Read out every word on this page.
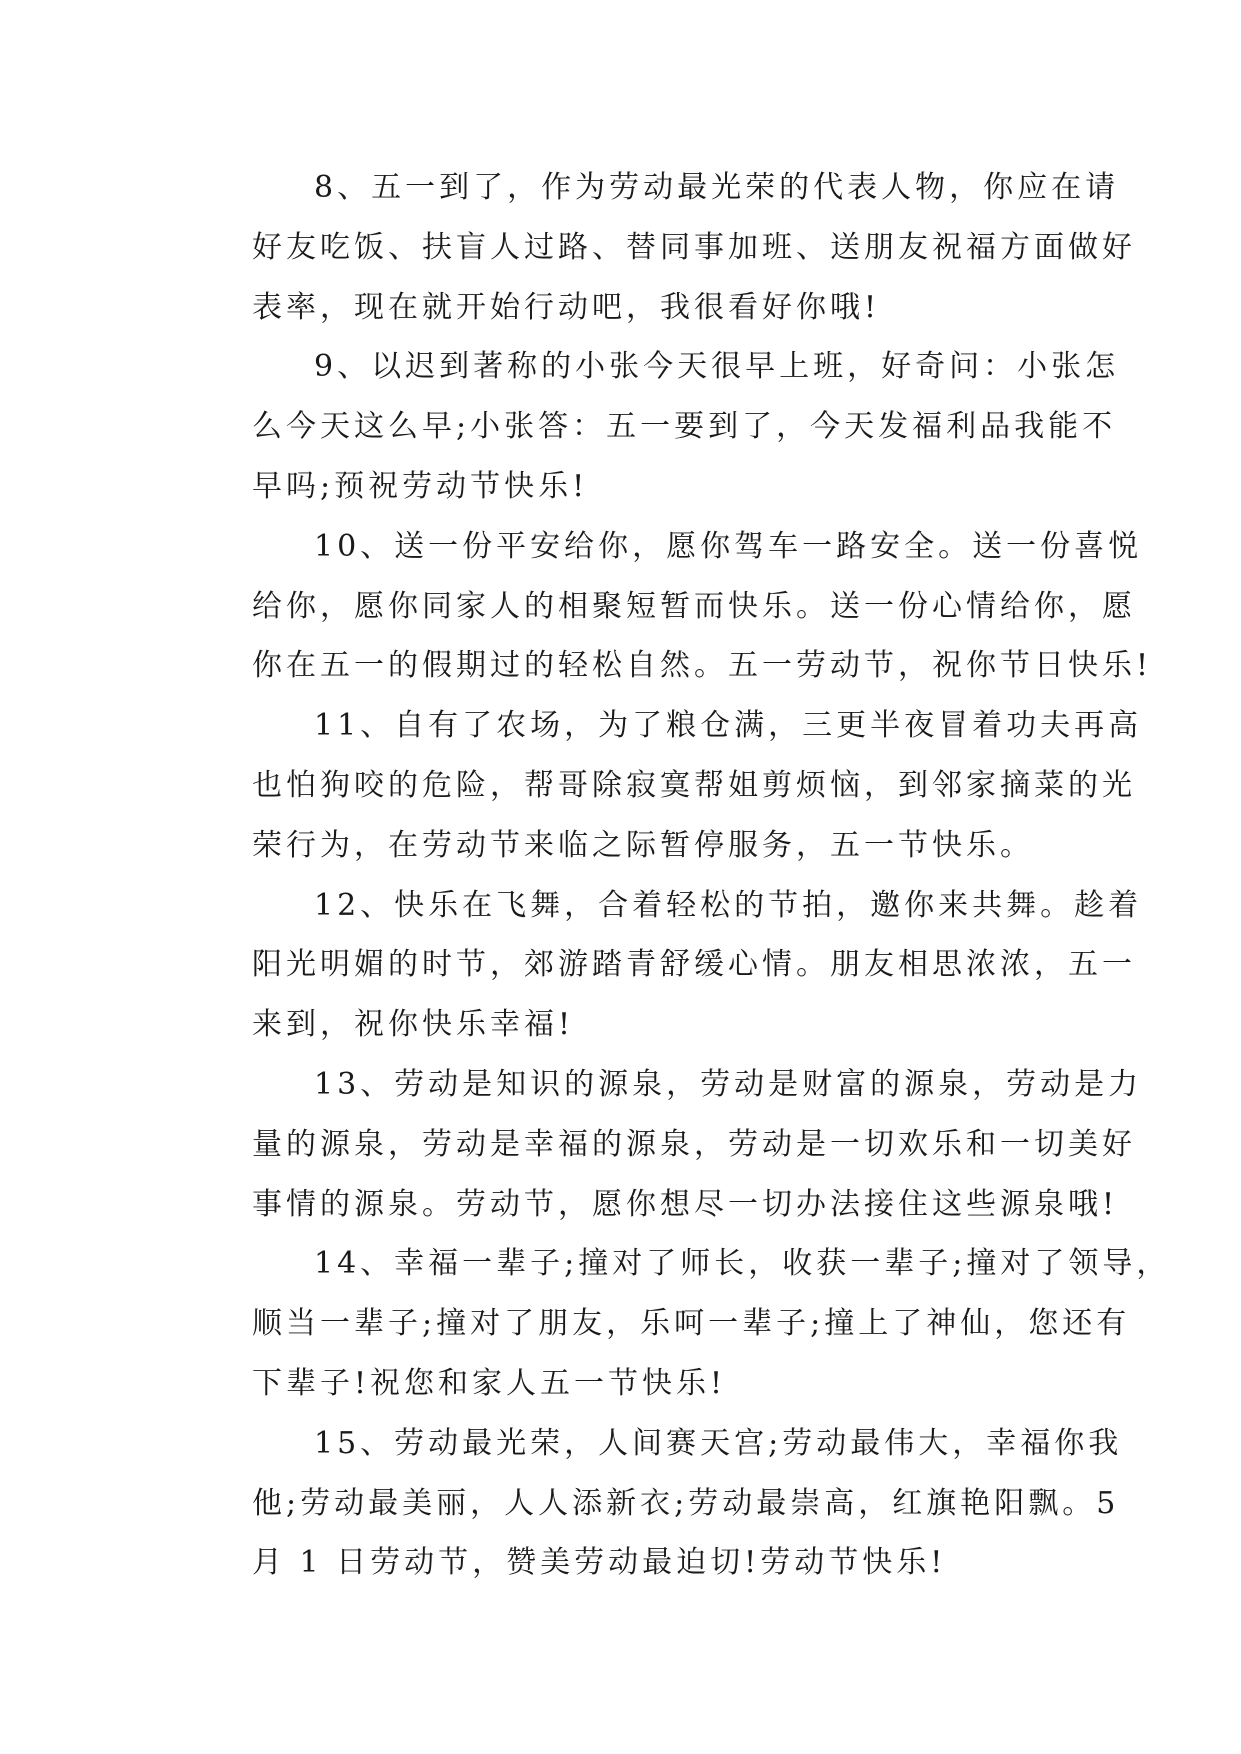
8、五一到了，作为劳动最光荣的代表人物，你应在请
好友吃饭、扶盲人过路、替同事加班、送朋友祝福方面做好
表率，现在就开始行动吧，我很看好你哦!
9、以迟到著称的小张今天很早上班，好奇问：小张怎
么今天这么早;小张答：五一要到了，今天发福利品我能不
早吗;预祝劳动节快乐!
10、送一份平安给你，愿你驾车一路安全。送一份喜悦
给你，愿你同家人的相聚短暂而快乐。送一份心情给你，愿
你在五一的假期过的轻松自然。五一劳动节，祝你节日快乐!
11、自有了农场，为了粮仓满，三更半夜冒着功夫再高
也怕狗咬的危险，帮哥除寂寞帮姐剪烦恼，到邻家摘菜的光
荣行为，在劳动节来临之际暂停服务，五一节快乐。
12、快乐在飞舞，合着轻松的节拍，邀你来共舞。趁着
阳光明媚的时节，郊游踏青舒缓心情。朋友相思浓浓，五一
来到，祝你快乐幸福!
13、劳动是知识的源泉，劳动是财富的源泉，劳动是力
量的源泉，劳动是幸福的源泉，劳动是一切欢乐和一切美好
事情的源泉。劳动节，愿你想尽一切办法接住这些源泉哦!
14、幸福一辈子;撞对了师长，收获一辈子;撞对了领导，
顺当一辈子;撞对了朋友，乐呵一辈子;撞上了神仙，您还有
下辈子!祝您和家人五一节快乐!
15、劳动最光荣，人间赛天宫;劳动最伟大，幸福你我
他;劳动最美丽，人人添新衣;劳动最崇高，红旗艳阳飘。5
月 1 日劳动节，赞美劳动最迫切!劳动节快乐!
